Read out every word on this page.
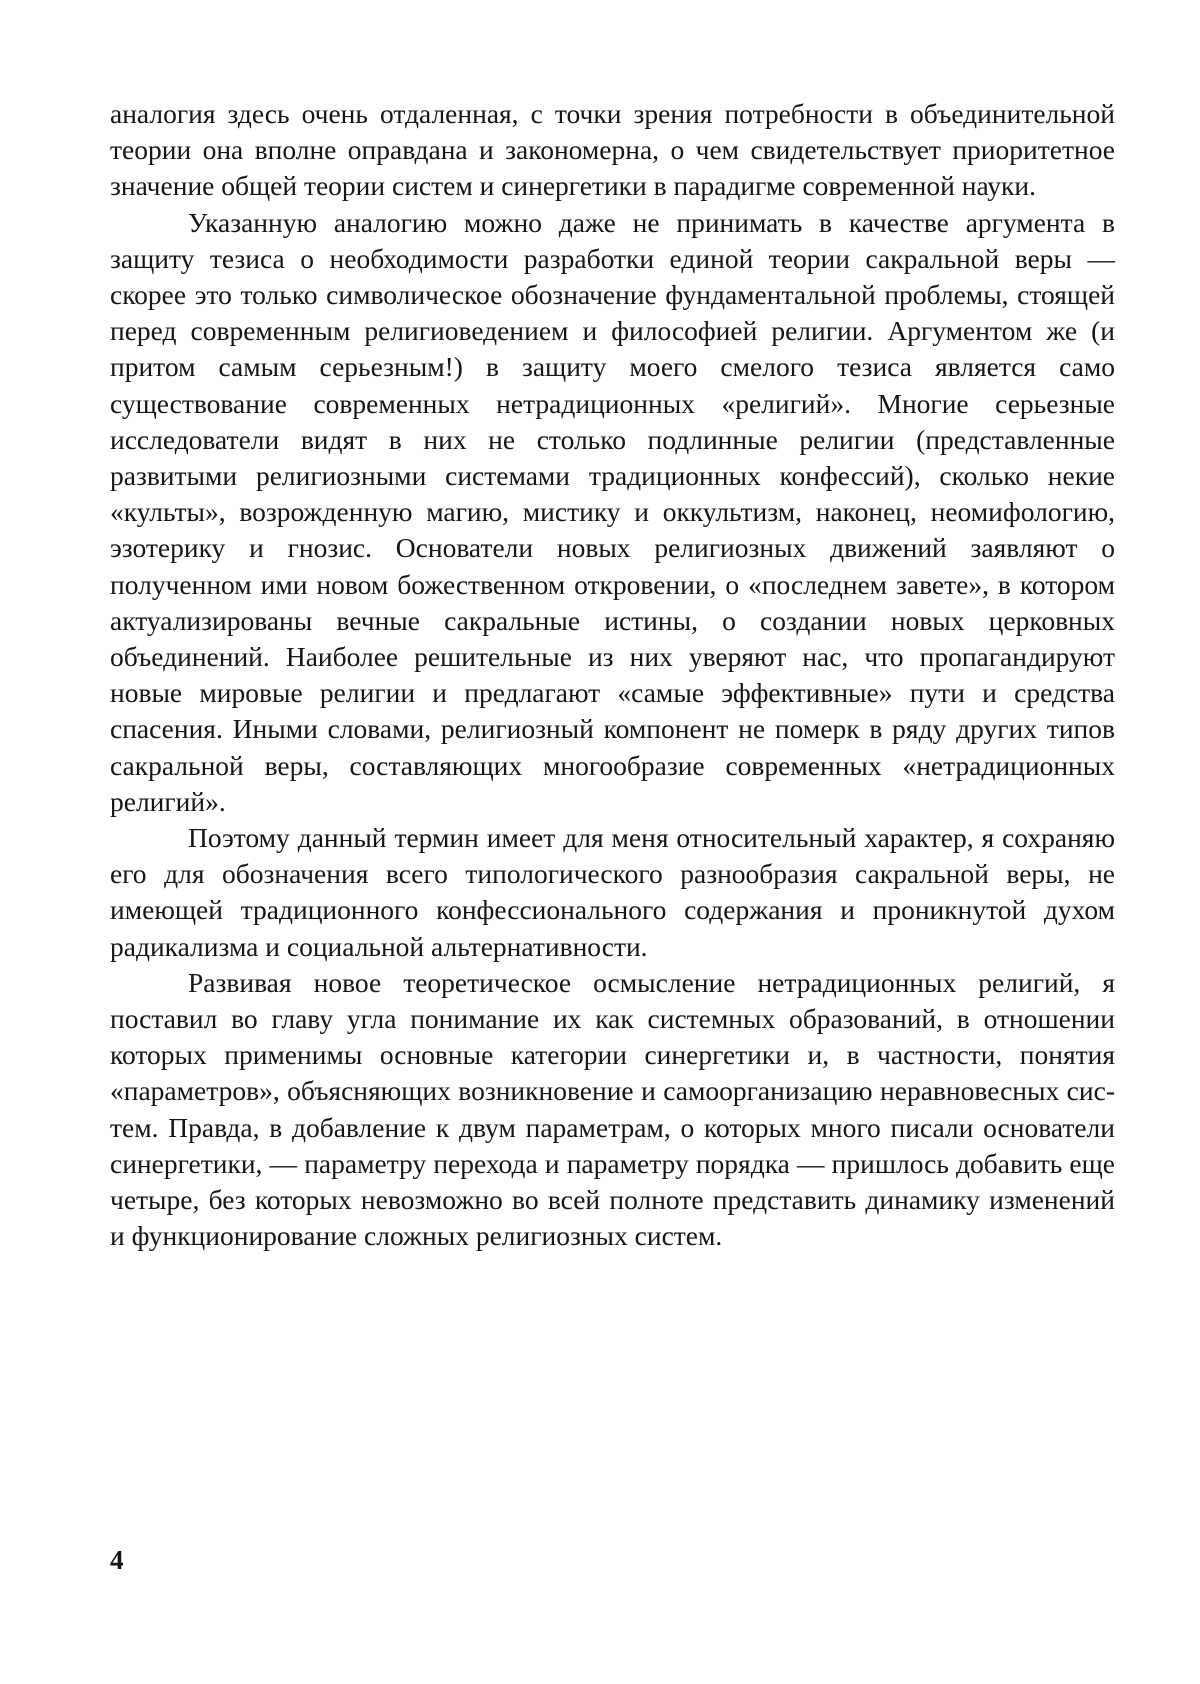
аналогия здесь очень отдаленная, с точки зрения потребности в объединительной теории она вполне оправдана и закономерна, о чем свидетельствует приоритетное значение общей теории систем и синергетики в парадигме современной науки.

Указанную аналогию можно даже не принимать в качестве аргумента в защиту тезиса о необходимости разработки единой теории сакральной веры — скорее это только символическое обозначение фундаментальной проблемы, стоящей перед современным религиоведением и философией религии. Аргументом же (и притом самым серьезным!) в защиту моего смелого тезиса является само существование современных нетрадиционных «религий». Многие серьезные исследователи видят в них не столько подлинные религии (представленные развитыми религиозными системами традиционных конфессий), сколько некие «культы», возрожденную магию, мистику и оккультизм, наконец, неомифологию, эзотерику и гнозис. Основатели новых религиозных движений заявляют о полученном ими новом божественном откровении, о «последнем завете», в котором актуализированы вечные сакральные истины, о создании новых церковных объединений. Наиболее решительные из них уверяют нас, что пропагандируют новые мировые религии и предлагают «самые эффективные» пути и средства спасения. Иными словами, религиозный компонент не померк в ряду других типов сакральной веры, составляющих многообразие современных «нетрадиционных религий».

Поэтому данный термин имеет для меня относительный характер, я сохраняю его для обозначения всего типологического разнообразия сакральной веры, не имеющей традиционного конфессионального содержания и проникнутой духом радикализма и социальной альтернативности.

Развивая новое теоретическое осмысление нетрадиционных религий, я поставил во главу угла понимание их как системных образований, в отношении которых применимы основные категории синергетики и, в частности, понятия «параметров», объясняющих возникновение и самоорганизацию неравновесных систем. Правда, в добавление к двум параметрам, о которых много писали основатели синергетики, — параметру перехода и параметру порядка — пришлось добавить еще четыре, без которых невозможно во всей полноте представить динамику изменений и функционирование сложных религиозных систем.

4
